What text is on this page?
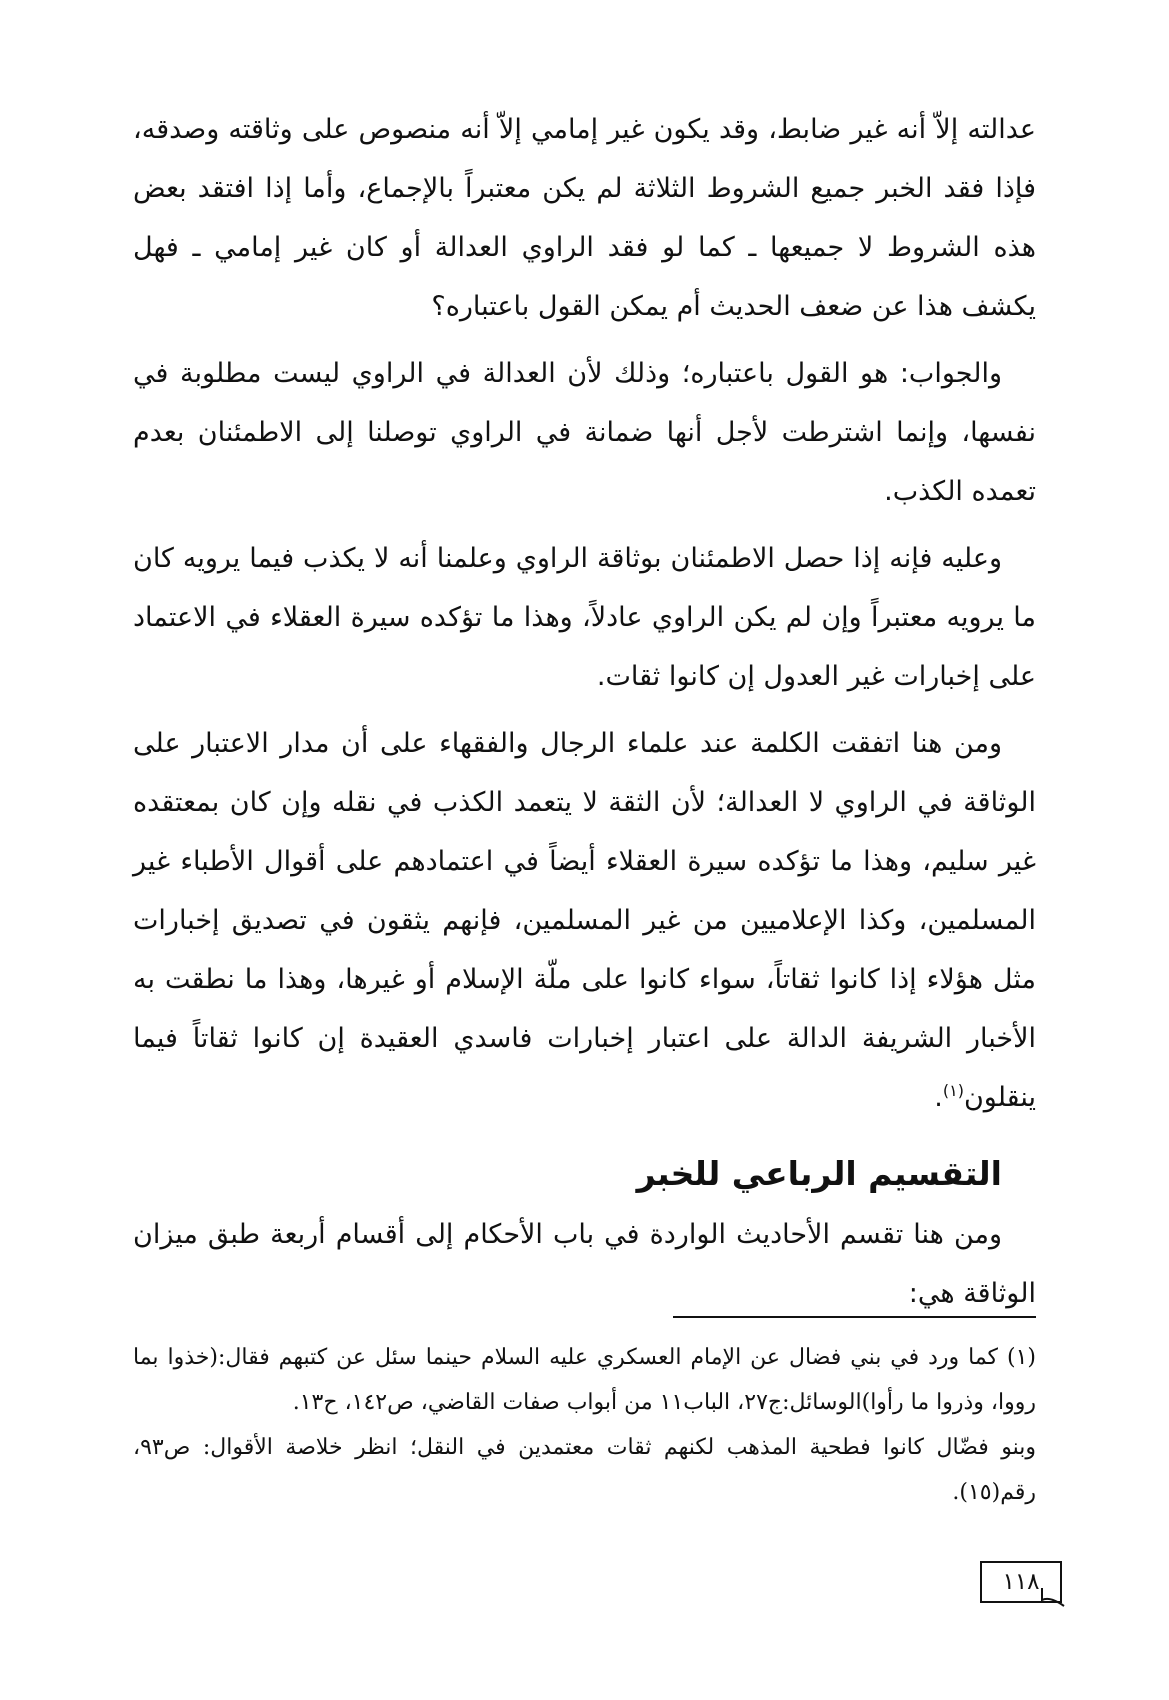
عدالته إلاّ أنه غير ضابط، وقد يكون غير إمامي إلاّ أنه منصوص على وثاقته وصدقه، فإذا فقد الخبر جميع الشروط الثلاثة لم يكن معتبراً بالإجماع، وأما إذا افتقد بعض هذه الشروط لا جميعها ـ كما لو فقد الراوي العدالة أو كان غير إمامي ـ فهل يكشف هذا عن ضعف الحديث أم يمكن القول باعتباره؟

والجواب: هو القول باعتباره؛ وذلك لأن العدالة في الراوي ليست مطلوبة في نفسها، وإنما اشترطت لأجل أنها ضمانة في الراوي توصلنا إلى الاطمئنان بعدم تعمده الكذب.

وعليه فإنه إذا حصل الاطمئنان بوثاقة الراوي وعلمنا أنه لا يكذب فيما يرويه كان ما يرويه معتبراً وإن لم يكن الراوي عادلاً، وهذا ما تؤكده سيرة العقلاء في الاعتماد على إخبارات غير العدول إن كانوا ثقات.

ومن هنا اتفقت الكلمة عند علماء الرجال والفقهاء على أن مدار الاعتبار على الوثاقة في الراوي لا العدالة؛ لأن الثقة لا يتعمد الكذب في نقله وإن كان بمعتقده غير سليم، وهذا ما تؤكده سيرة العقلاء أيضاً في اعتمادهم على أقوال الأطباء غير المسلمين، وكذا الإعلاميين من غير المسلمين، فإنهم يثقون في تصديق إخبارات مثل هؤلاء إذا كانوا ثقاتاً، سواء كانوا على ملّة الإسلام أو غيرها، وهذا ما نطقت به الأخبار الشريفة الدالة على اعتبار إخبارات فاسدي العقيدة إن كانوا ثقاتاً فيما ينقلون$^{(١)}$.

التقسيم الرباعي للخبر

ومن هنا تقسم الأحاديث الواردة في باب الأحكام إلى أقسام أربعة طبق ميزان الوثاقة هي:

(١) كما ورد في بني فضال عن الإمام العسكري عليه السلام حينما سئل عن كتبهم فقال:(خذوا بما رووا، وذروا ما رأوا)الوسائل:ج٢٧، الباب١١ من أبواب صفات القاضي، ص١٤٢، ح١٣.

وبنو فضّال كانوا فطحية المذهب لكنهم ثقات معتمدين في النقل؛ انظر خلاصة الأقوال: ص٩٣، رقم(١٥).

١١٨
